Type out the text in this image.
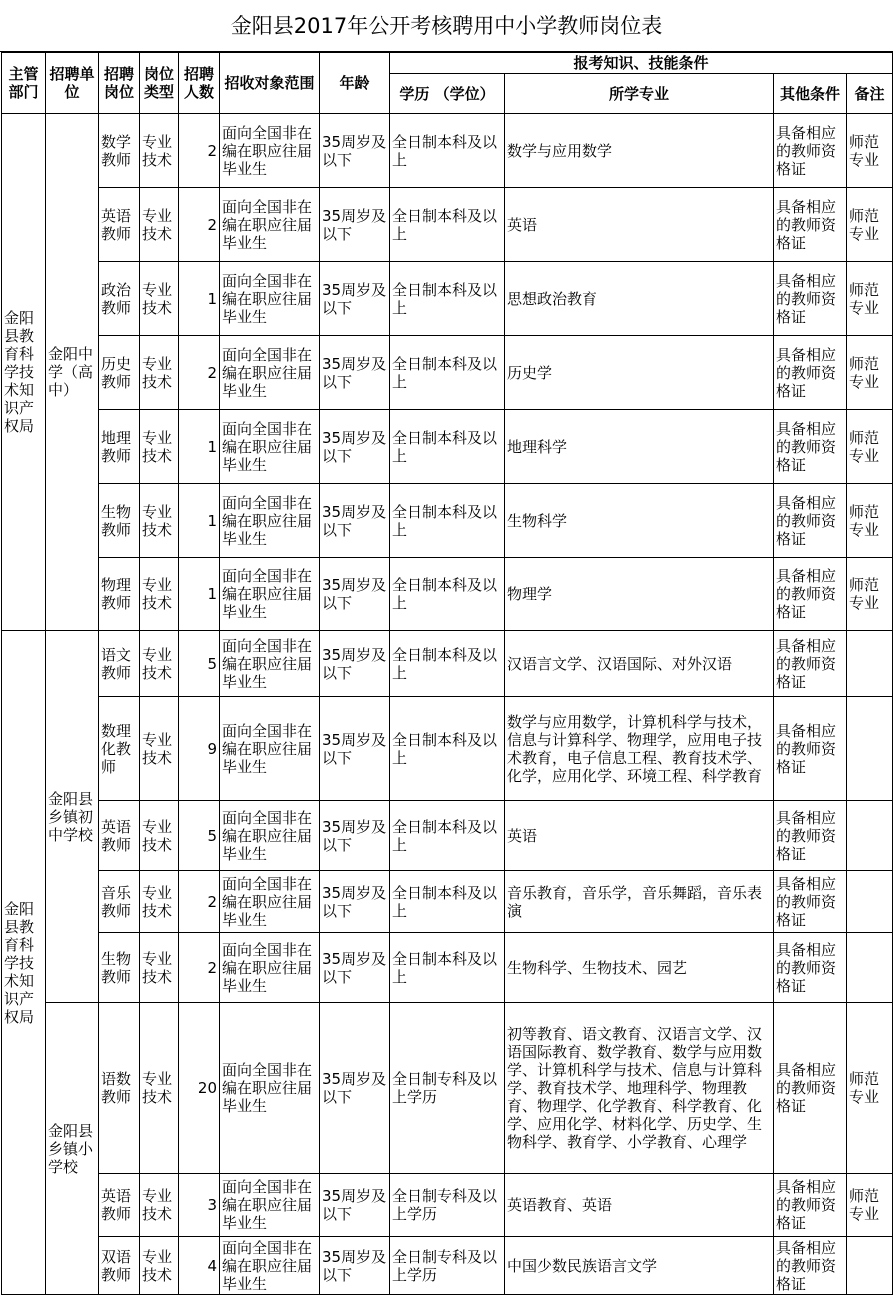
金阳县2017年公开考核聘用中小学教师岗位表
主管部门	招聘单位	招聘岗位	岗位类型	招聘人数	招收对象范围	年龄	报考知识、技能条件			
							学历 （学位）	所学专业	其他条件	备注
金阳县教育科学技术知识产权局	金阳中学（高中）	数学教师	专业技术	2	面向全国非在编在职应往届毕业生	35周岁及以下	全日制本科及以上	数学与应用数学	具备相应的教师资格证	师范专业
		英语教师	专业技术	2	面向全国非在编在职应往届毕业生	35周岁及以下	全日制本科及以上	英语	具备相应的教师资格证	师范专业
		政治教师	专业技术	1	面向全国非在编在职应往届毕业生	35周岁及以下	全日制本科及以上	思想政治教育	具备相应的教师资格证	师范专业
		历史教师	专业技术	2	面向全国非在编在职应往届毕业生	35周岁及以下	全日制本科及以上	历史学	具备相应的教师资格证	师范专业
		地理教师	专业技术	1	面向全国非在编在职应往届毕业生	35周岁及以下	全日制本科及以上	地理科学	具备相应的教师资格证	师范专业
		生物教师	专业技术	1	面向全国非在编在职应往届毕业生	35周岁及以下	全日制本科及以上	生物科学	具备相应的教师资格证	师范专业
		物理教师	专业技术	1	面向全国非在编在职应往届毕业生	35周岁及以下	全日制本科及以上	物理学	具备相应的教师资格证	师范专业
金阳县教育科学技术知识产权局	金阳县乡镇初中学校	语文教师	专业技术	5	面向全国非在编在职应往届毕业生	35周岁及以下	全日制本科及以上	汉语言文学、汉语国际、对外汉语	具备相应的教师资格证	
		数理化教师	专业技术	9	面向全国非在编在职应往届毕业生	35周岁及以下	全日制本科及以上	数学与应用数学，计算机科学与技术，信息与计算科学、物理学，应用电子技术教育，电子信息工程、教育技术学、化学，应用化学、环境工程、科学教育	具备相应的教师资格证	
		英语教师	专业技术	5	面向全国非在编在职应往届毕业生	35周岁及以下	全日制本科及以上	英语	具备相应的教师资格证	
		音乐教师	专业技术	2	面向全国非在编在职应往届毕业生	35周岁及以下	全日制本科及以上	音乐教育，音乐学，音乐舞蹈，音乐表演	具备相应的教师资格证	
		生物教师	专业技术	2	面向全国非在编在职应往届毕业生	35周岁及以下	全日制本科及以上	生物科学、生物技术、园艺	具备相应的教师资格证	
	金阳县乡镇小学校	语数教师	专业技术	20	面向全国非在编在职应往届毕业生	35周岁及以下	全日制专科及以上学历	初等教育、语文教育、汉语言文学、汉语国际教育、数学教育、数学与应用数学、计算机科学与技术、信息与计算科学、教育技术学、地理科学、物理教育、物理学、化学教育、科学教育、化学、应用化学、材料化学、历史学、生物科学、教育学、小学教育、心理学	具备相应的教师资格证	师范专业
		英语教师	专业技术	3	面向全国非在编在职应往届毕业生	35周岁及以下	全日制专科及以上学历	英语教育、英语	具备相应的教师资格证	师范专业
		双语教师	专业技术	4	面向全国非在编在职应往届毕业生	35周岁及以下	全日制专科及以上学历	中国少数民族语言文学	具备相应的教师资格证	
